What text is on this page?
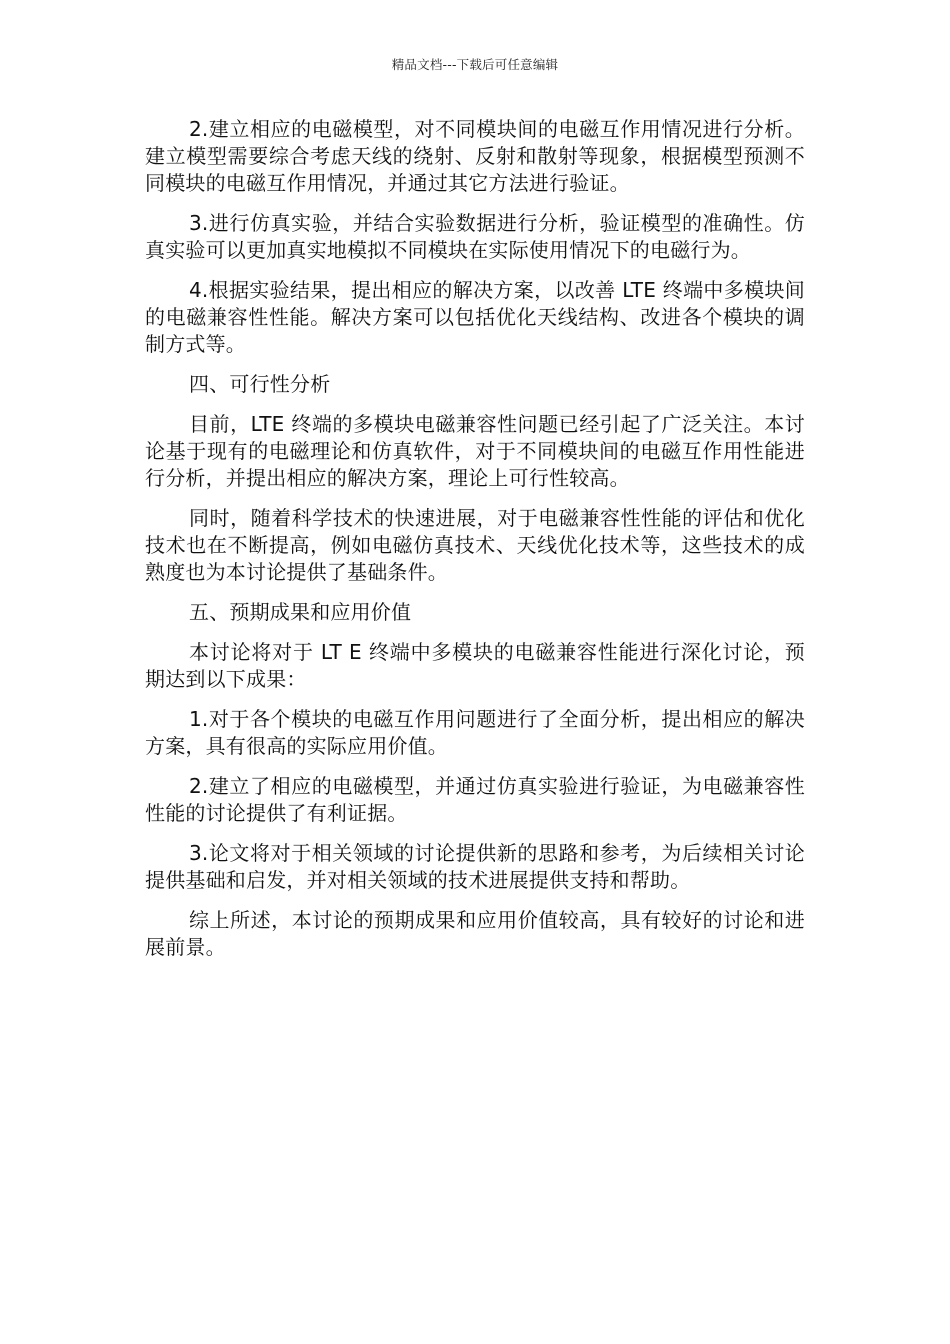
精品文档---下载后可任意编辑

2.建立相应的电磁模型，对不同模块间的电磁互作用情况进行分析。建立模型需要综合考虑天线的绕射、反射和散射等现象，根据模型预测不同模块的电磁互作用情况，并通过其它方法进行验证。

3.进行仿真实验，并结合实验数据进行分析，验证模型的准确性。仿真实验可以更加真实地模拟不同模块在实际使用情况下的电磁行为。

4.根据实验结果，提出相应的解决方案，以改善 LTE 终端中多模块间的电磁兼容性性能。解决方案可以包括优化天线结构、改进各个模块的调制方式等。

四、可行性分析

目前，LTE 终端的多模块电磁兼容性问题已经引起了广泛关注。本讨论基于现有的电磁理论和仿真软件，对于不同模块间的电磁互作用性能进行分析，并提出相应的解决方案，理论上可行性较高。

同时，随着科学技术的快速进展，对于电磁兼容性性能的评估和优化技术也在不断提高，例如电磁仿真技术、天线优化技术等，这些技术的成熟度也为本讨论提供了基础条件。

五、预期成果和应用价值

本讨论将对于 LT E 终端中多模块的电磁兼容性能进行深化讨论，预期达到以下成果：

1.对于各个模块的电磁互作用问题进行了全面分析，提出相应的解决方案，具有很高的实际应用价值。

2.建立了相应的电磁模型，并通过仿真实验进行验证，为电磁兼容性性能的讨论提供了有利证据。

3.论文将对于相关领域的讨论提供新的思路和参考，为后续相关讨论提供基础和启发，并对相关领域的技术进展提供支持和帮助。

综上所述，本讨论的预期成果和应用价值较高，具有较好的讨论和进展前景。
